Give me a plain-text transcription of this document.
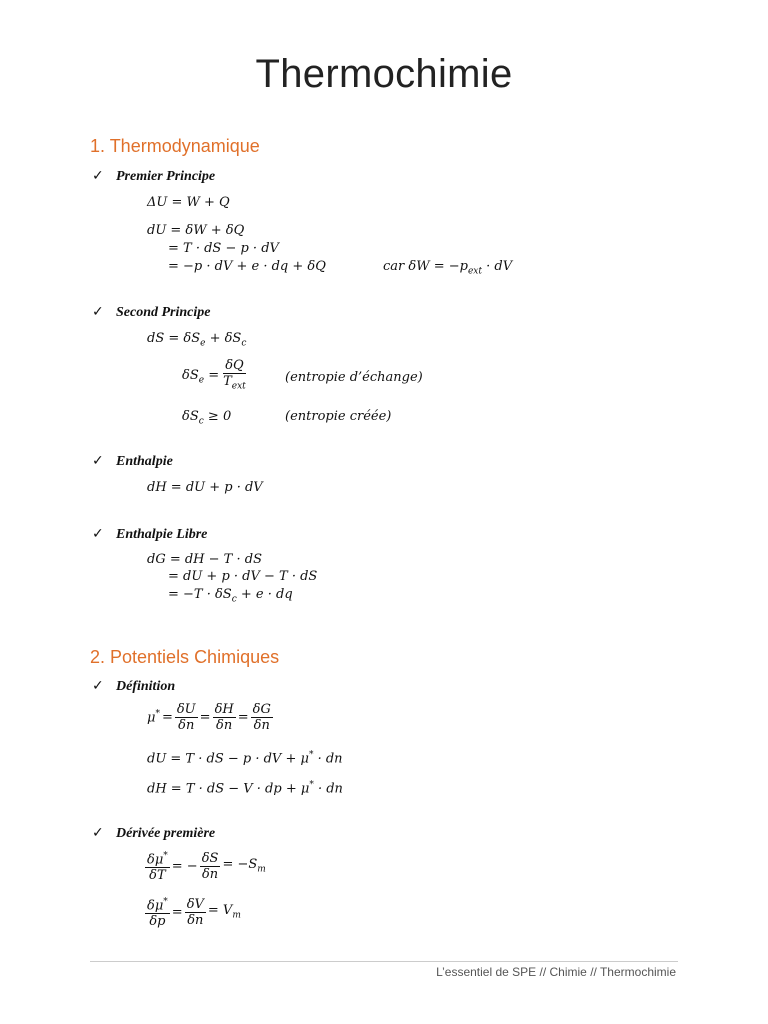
Thermochimie
1. Thermodynamique
✓ Premier Principe
ΔU = W + Q
dU = δW + δQ
= T · dS − p · dV
= −p · dV + e · dq + δQ	car $\delta W = -p_{ext}$ · dV
✓ Second Principe
dS = $\delta S_e + \delta S_c$
$\delta S_e = \frac{\delta Q}{T_{ext}}$	(entropie d’échange)
$\delta S_c \ge 0$	(entropie créée)
✓ Enthalpie
dH = dU + p · dV
✓ Enthalpie Libre
dG = dH − T · dS
= dU + p · dV − T · dS
= $-T \cdot \delta S_c + e$ · dq
2. Potentiels Chimiques
✓ Définition
$\mu^* = \frac{\delta U}{\delta n} = \frac{\delta H}{\delta n} = \frac{\delta G}{\delta n}$
dU = T · dS − p · dV + μ* · dn
dH = T · dS − V · dp + μ* · dn
✓ Dérivée première
$\frac{\delta\mu^*}{\delta T}$ = − $\frac{\delta S}{\delta n} = -S_m$
$\frac{\delta\mu^*}{\delta p} = \frac{\delta V}{\delta n} = V_m$
L’essentiel de SPE // Chimie // Thermochimie
